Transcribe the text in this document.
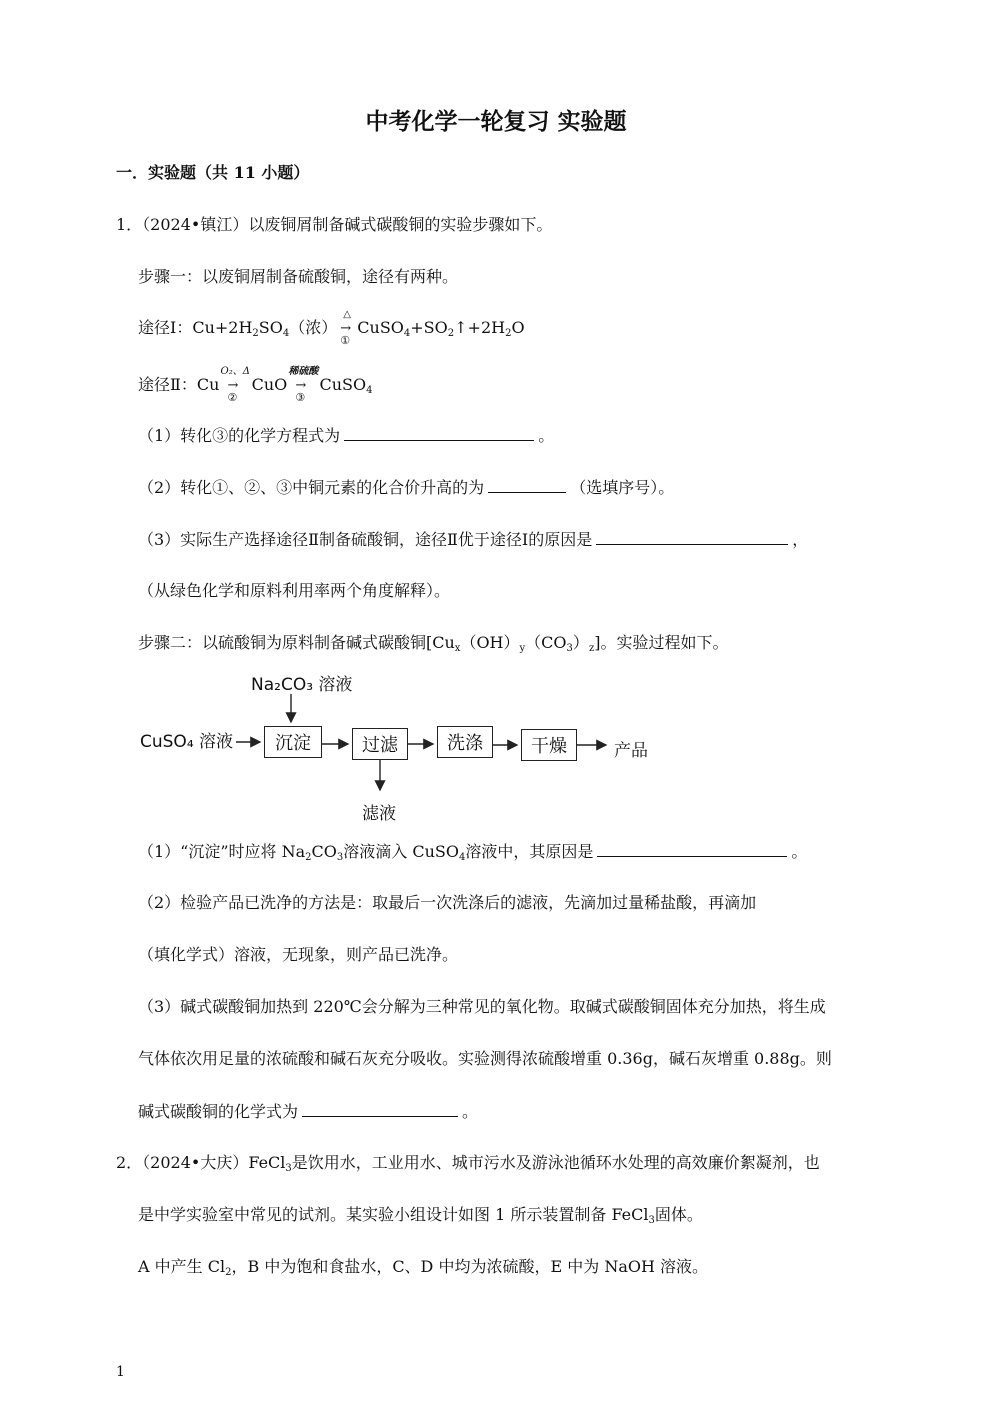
中考化学一轮复习 实验题
一．实验题（共 11 小题）
1．（2024•镇江）以废铜屑制备碱式碳酸铜的实验步骤如下。
步骤一：以废铜屑制备硫酸铜，途径有两种。
途径Ⅰ：$Cu+2H_2SO_4$（浓）
△
→
①
$CuSO_4+SO_2↑+2H_2O$
途径Ⅱ：Cu
O₂、Δ
→
②
CuO
稀硫酸
→
③
CuSO$_4$
（1）转化③的化学方程式为	。
（2）转化①、②、③中铜元素的化合价升高的为	（选填序号）。
（3）实际生产选择途径Ⅱ制备硫酸铜，途径Ⅱ优于途径Ⅰ的原因是	，
（从绿色化学和原料利用率两个角度解释）。
步骤二：以硫酸铜为原料制备碱式碳酸铜$[Cu_x(OH)_y(CO_3)_z]$。实验过程如下。
Na₂CO₃ 溶液
CuSO₄ 溶液	沉淀	过滤	洗涤	干燥	产品
滤液
（1）“沉淀”时应将 $Na_2CO_3$溶液滴入 CuSO$_4$溶液中，其原因是	。
（2）检验产品已洗净的方法是：取最后一次洗涤后的滤液，先滴加过量稀盐酸，再滴加
（填化学式）溶液，无现象，则产品已洗净。
（3）碱式碳酸铜加热到 220℃会分解为三种常见的氧化物。取碱式碳酸铜固体充分加热，将生成
气体依次用足量的浓硫酸和碱石灰充分吸收。实验测得浓硫酸增重 0.36g，碱石灰增重 0.88g。则
碱式碳酸铜的化学式为	。
2．（2024•大庆）FeCl$_3$是饮用水，工业用水、城市污水及游泳池循环水处理的高效廉价絮凝剂，也
是中学实验室中常见的试剂。某实验小组设计如图 1 所示装置制备 FeCl$_3$固体。
A 中产生 $Cl_2$，B 中为饱和食盐水，C、D 中均为浓硫酸，E 中为 NaOH 溶液。
1
